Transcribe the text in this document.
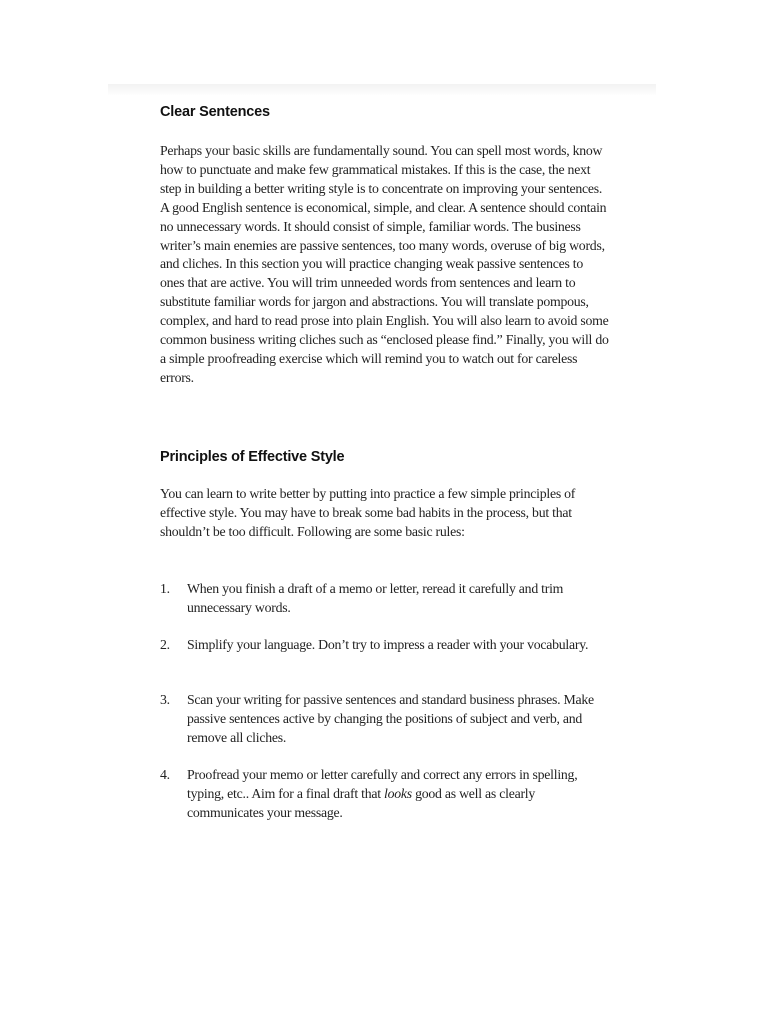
Clear Sentences

Perhaps your basic skills are fundamentally sound. You can spell most words, know how to punctuate and make few grammatical mistakes. If this is the case, the next step in building a better writing style is to concentrate on improving your sentences. A good English sentence is economical, simple, and clear. A sentence should contain no unnecessary words. It should consist of simple, familiar words. The business writer’s main enemies are passive sentences, too many words, overuse of big words, and cliches. In this section you will practice changing weak passive sentences to ones that are active. You will trim unneeded words from sentences and learn to substitute familiar words for jargon and abstractions. You will translate pompous, complex, and hard to read prose into plain English. You will also learn to avoid some common business writing cliches such as “enclosed please find.” Finally, you will do a simple proofreading exercise which will remind you to watch out for careless errors.

Principles of Effective Style

You can learn to write better by putting into practice a few simple principles of effective style. You may have to break some bad habits in the process, but that shouldn’t be too difficult. Following are some basic rules:

1. When you finish a draft of a memo or letter, reread it carefully and trim unnecessary words.
2. Simplify your language. Don’t try to impress a reader with your vocabulary.
3. Scan your writing for passive sentences and standard business phrases. Make passive sentences active by changing the positions of subject and verb, and remove all cliches.
4. Proofread your memo or letter carefully and correct any errors in spelling, typing, etc.. Aim for a final draft that looks good as well as clearly communicates your message.
